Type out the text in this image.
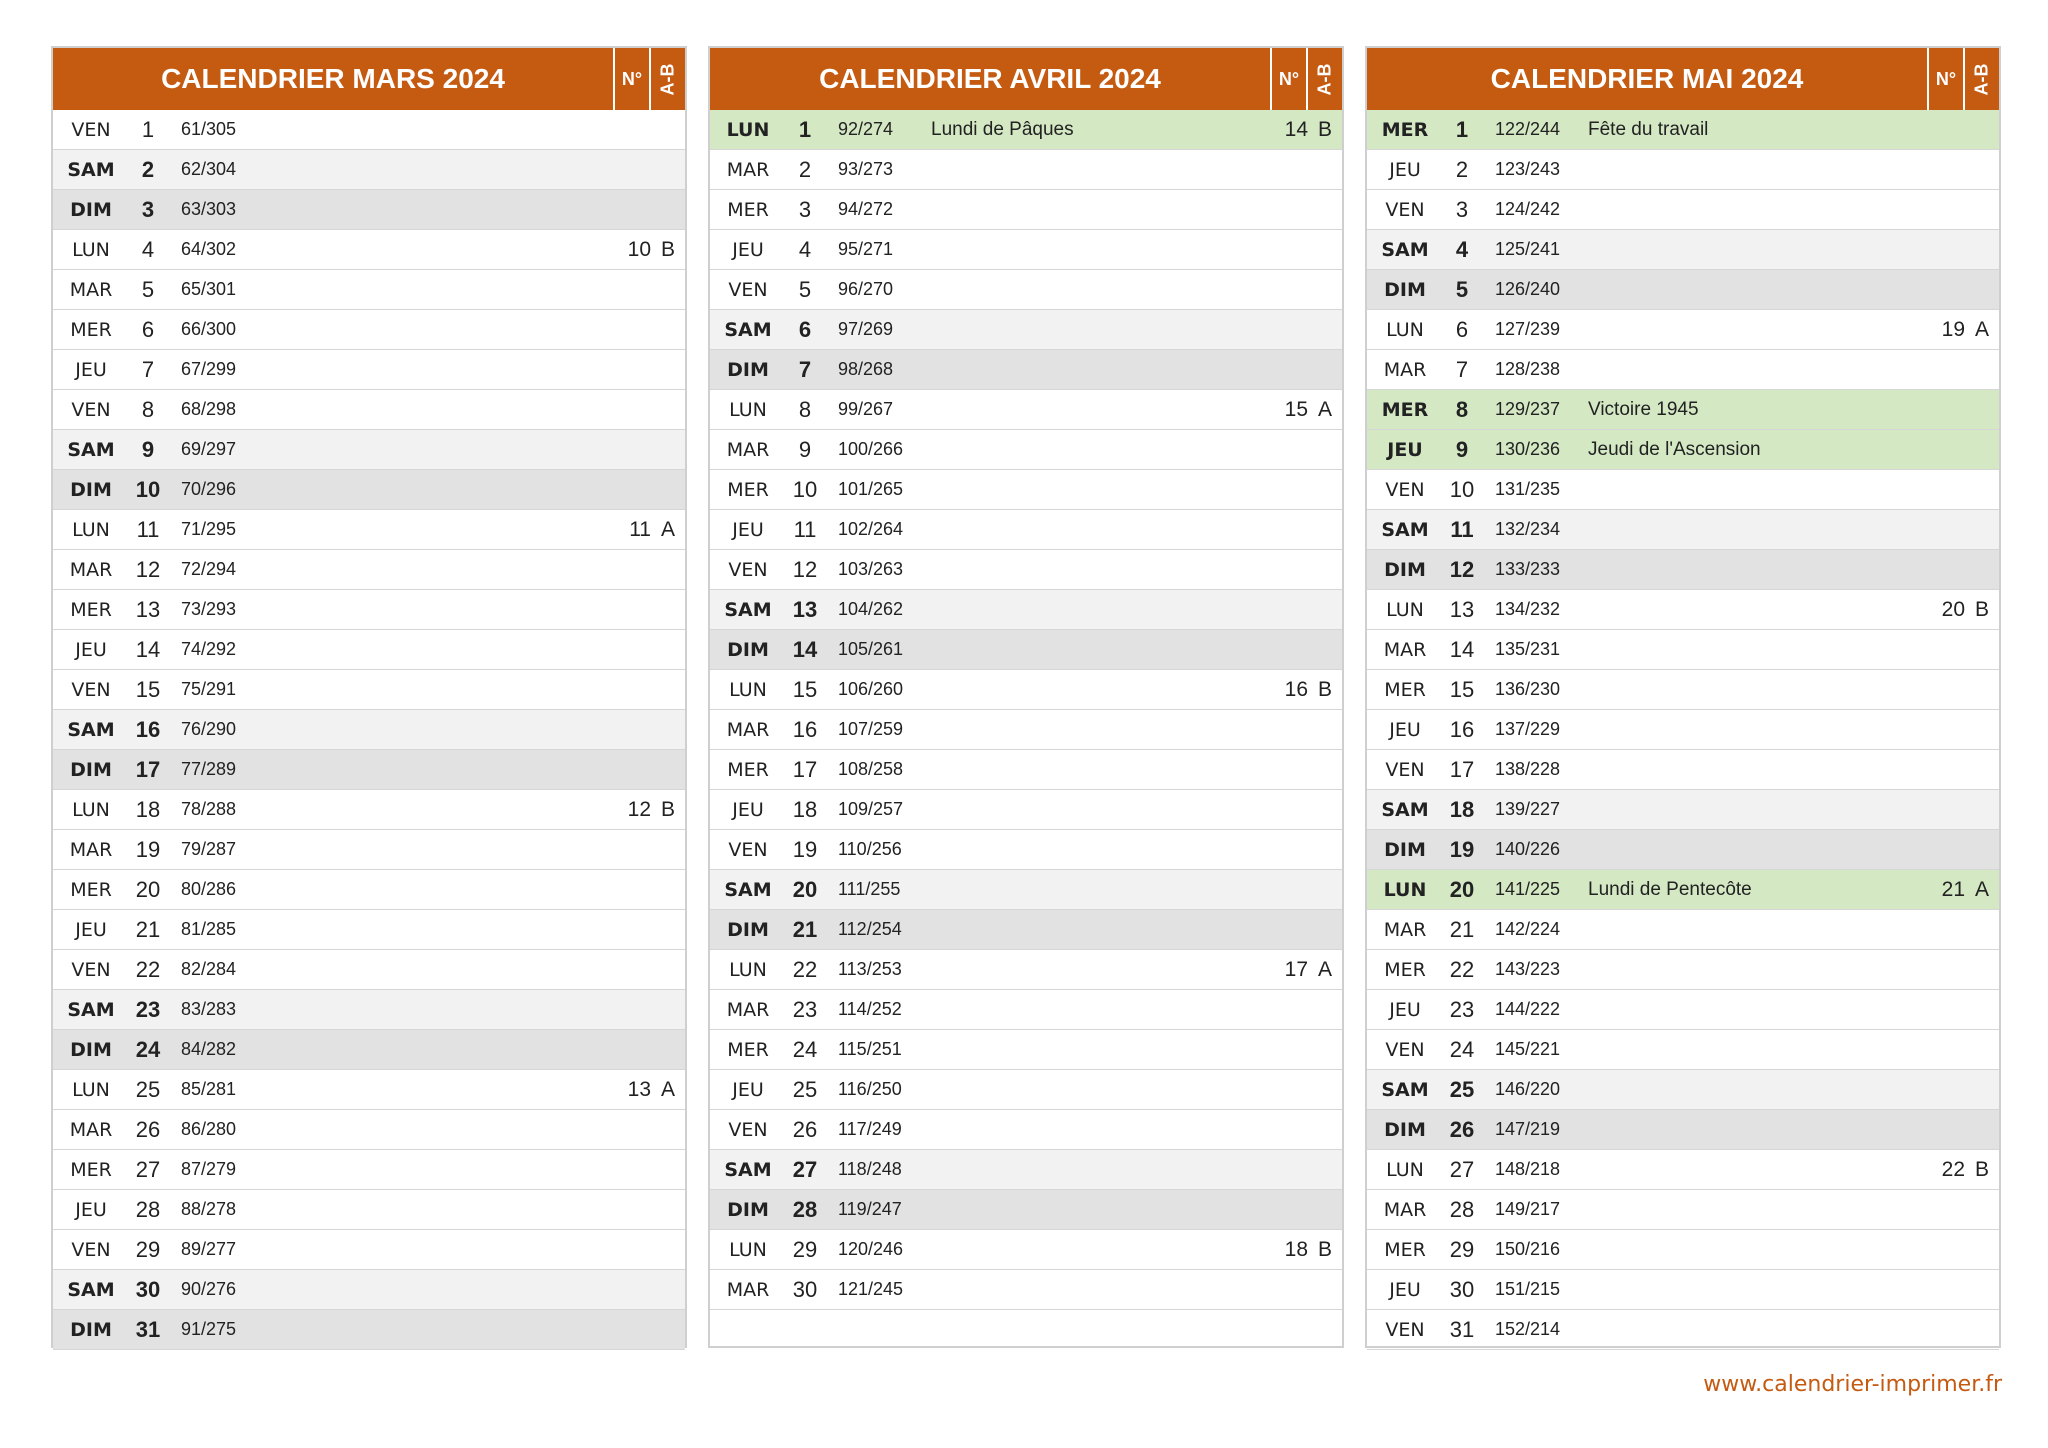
CALENDRIER MARS 2024	N° A-B
VEN	1	61/305
SAM	2	62/304
DIM	3	63/303
LUN	4	64/302	10 B
MAR	5	65/301
MER	6	66/300
JEU	7	67/299
VEN	8	68/298
SAM	9	69/297
DIM	10	70/296
LUN	11	71/295	11 A
MAR	12	72/294
MER	13	73/293
JEU	14	74/292
VEN	15	75/291
SAM 16	76/290
DIM	17	77/289
LUN	18	78/288	12 B
MAR	19	79/287
MER	20	80/286
JEU	21	81/285
VEN	22	82/284
SAM 23	83/283
DIM	24	84/282
LUN	25	85/281	13 A
MAR	26	86/280
MER	27	87/279
JEU	28	88/278
VEN	29	89/277
SAM 30	90/276
DIM	31	91/275
CALENDRIER AVRIL 2024	N° A-B
LUN	1	92/274	Lundi de Pâques	14 B
MAR	2	93/273
MER	3	94/272
JEU	4	95/271
VEN	5	96/270
SAM	6	97/269
DIM	7	98/268
LUN	8	99/267	15 A
MAR	9	100/266
MER	10	101/265
JEU	11	102/264
VEN	12	103/263
SAM 13	104/262
DIM	14	105/261
LUN	15	106/260	16 B
MAR	16	107/259
MER	17	108/258
JEU	18	109/257
VEN	19	110/256
SAM 20	111/255
DIM	21	112/254
LUN	22	113/253	17 A
MAR	23	114/252
MER	24	115/251
JEU	25	116/250
VEN	26	117/249
SAM 27	118/248
DIM	28	119/247
LUN	29	120/246	18 B
MAR	30	121/245
CALENDRIER MAI 2024	N° A-B
MER	1	122/244	Fête du travail
JEU	2	123/243
VEN	3	124/242
SAM	4	125/241
DIM	5	126/240
LUN	6	127/239	19 A
MAR	7	128/238
MER	8	129/237	Victoire 1945
JEU	9	130/236	Jeudi de l'Ascension
VEN	10	131/235
SAM 11	132/234
DIM	12	133/233
LUN	13	134/232	20 B
MAR	14	135/231
MER	15	136/230
JEU	16	137/229
VEN	17	138/228
SAM 18	139/227
DIM	19	140/226
LUN	20	141/225	Lundi de Pentecôte	21 A
MAR	21	142/224
MER	22	143/223
JEU	23	144/222
VEN	24	145/221
SAM 25	146/220
DIM	26	147/219
LUN	27	148/218	22 B
MAR	28	149/217
MER	29	150/216
JEU	30	151/215
VEN	31	152/214
www.calendrier-imprimer.fr
